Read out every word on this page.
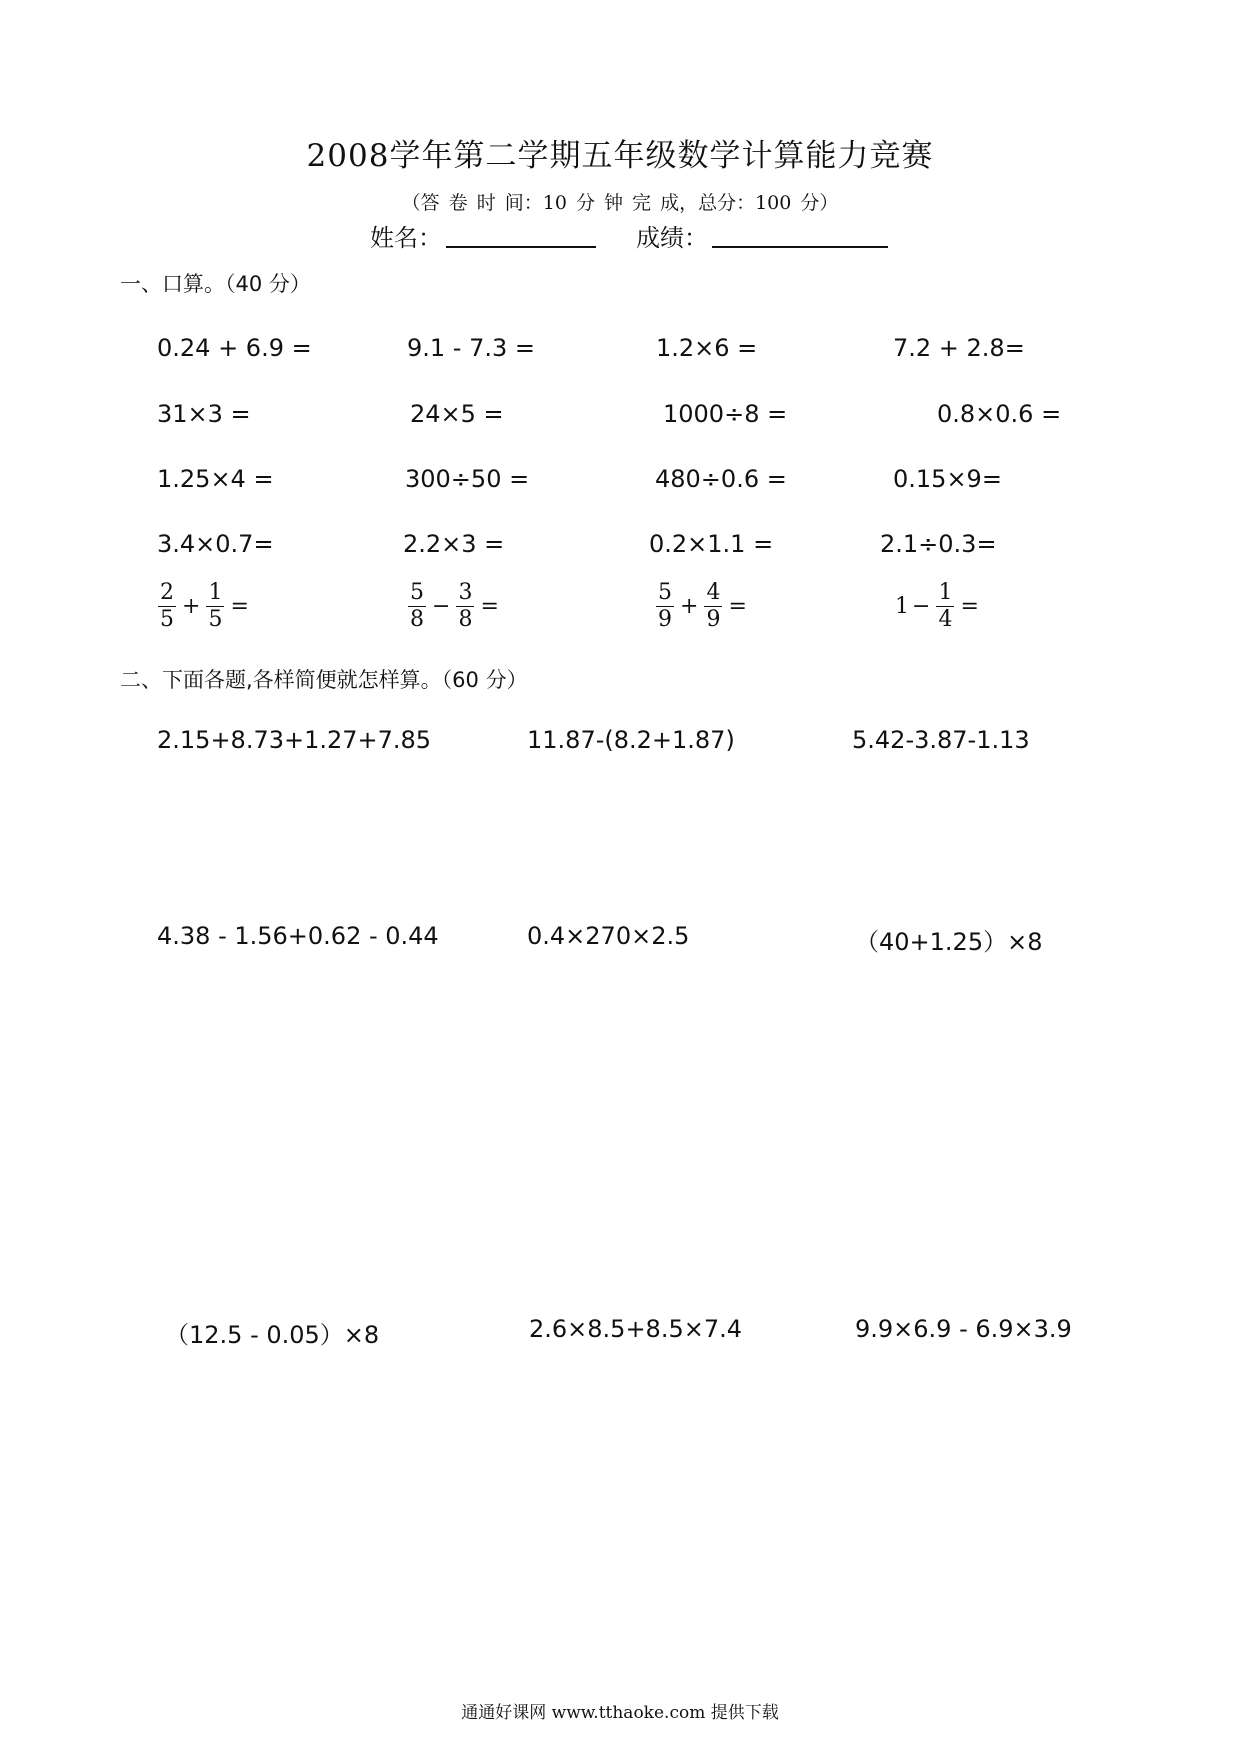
2008学年第二学期五年级数学计算能力竞赛
（答 卷 时 间：10 分 钟 完 成，总分：100 分）
姓名：	成绩：
一、口算。（40 分）
0.24 + 6.9 =	9.1 - 7.3 =	1.2×6 =	7.2 + 2.8=
31×3 =	24×5 =	1000÷8 =	0.8×0.6 =
1.25×4 =	300÷50 =	480÷0.6 =	0.15×9=
3.4×0.7=	2.2×3 =	0.2×1.1 =	2.1÷0.3=
$\frac{2}{5} + \frac{1}{5}$ =	$\frac{5}{8} - \frac{3}{8}$ =	$\frac{5}{9} + \frac{4}{9}$ =	$1 - \frac{1}{4}$ =
二、下面各题,各样简便就怎样算。（60 分）
2.15+8.73+1.27+7.85	11.87-(8.2+1.87)	5.42-3.87-1.13
4.38 - 1.56+0.62 - 0.44	0.4×270×2.5	（40+1.25）×8
（12.5 - 0.05）×8	2.6×8.5+8.5×7.4	9.9×6.9 - 6.9×3.9
通通好课网 www.tthaoke.com 提供下载
